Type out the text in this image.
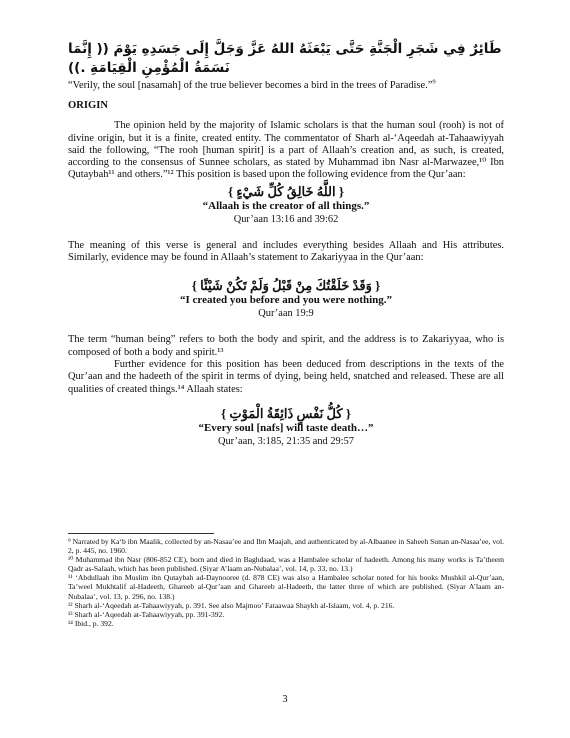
طَائِرٌ فِي شَجَرِ الْجَنَّةِ حَتَّى يَبْعَثَهُ اللهُ عَزَّ وَجَلَّ إِلَى جَسَدِهِ يَوْمَ (( إِنَّمَا نَسَمَةُ الْمُؤْمِنِ الْقِيَامَةِ .))

“Verily, the soul [nasamah] of the true believer becomes a bird in the trees of Paradise.”$^9$

ORIGIN

The opinion held by the majority of Islamic scholars is that the human soul (rooh) is not of divine origin, but it is a finite, created entity. The commentator of Sharh al-‘Aqeedah at-Tahaawiyyah said the following, “The rooh [human spirit] is a part of Allaah’s creation and, as such, is created, according to the consensus of Sunnee scholars, as stated by Muhammad ibn Nasr al-Marwazee,¹⁰ Ibn Qutaybah¹¹ and others.”¹² This position is based upon the following evidence from the Qur’aan:

{ اللَّهُ خَالِقُ كُلِّ شَيْءٍ }

“Allaah is the creator of all things.”

Qur’aan 13:16 and 39:62

The meaning of this verse is general and includes everything besides Allaah and His attributes. Similarly, evidence may be found in Allaah’s statement to Zakariyyaa in the Qur’aan:

{ وَقَدْ خَلَقْتُكَ مِنْ قَبْلُ وَلَمْ تَكُنْ شَيْئًا }

“I created you before and you were nothing.”

Qur’aan 19:9

The term “human being” refers to both the body and spirit, and the address is to Zakariyyaa, who is composed of both a body and spirit.¹³

Further evidence for this position has been deduced from descriptions in the texts of the Qur’aan and the hadeeth of the spirit in terms of dying, being held, snatched and released. These are all qualities of created things.¹⁴ Allaah states:

{ كُلُّ نَفْسٍ ذَائِقَةُ الْمَوْتِ }

“Every soul [nafs] will taste death…”

Qur’aan, 3:185, 21:35 and 29:57

⁹ Narrated by Ka‘b ibn Maalik, collected by an-Nasaa’ee and Ibn Maajah, and authenticated by al-Albaanee in Saheeh Sunan an-Nasaa’ee, vol. 2, p. 445, no. 1960.

¹⁰ Muhammad ibn Nasr (806-852 CE), born and died in Baghdaad, was a Hambalee scholar of hadeeth. Among his many works is Ta’theem Qadr as-Salaah, which has been published. (Siyar A’laam an-Nubalaa’, vol. 14, p. 33, no. 13.)

¹¹ ‘Abdullaah ibn Muslim ibn Qutaybah ad-Daynooree (d. 878 CE) was also a Hambalee scholar noted for his books Mushkil al-Qur’aan, Ta’weel Mukhtalif al-Hadeeth, Ghareeb al-Qur’aan and Ghareeb al-Hadeeth, the latter three of which are published. (Siyar A’laam an-Nubalaa’, vol. 13, p. 296, no. 138.)

¹² Sharh al-‘Aqeedah at-Tahaawiyyah, p. 391. See also Majmoo’ Fataawaa Shaykh al-Islaam, vol. 4, p. 216.

¹³ Sharh al-‘Aqeedah at-Tahaawiyyah, pp. 391-392.

¹⁴ Ibid., p. 392.

3
